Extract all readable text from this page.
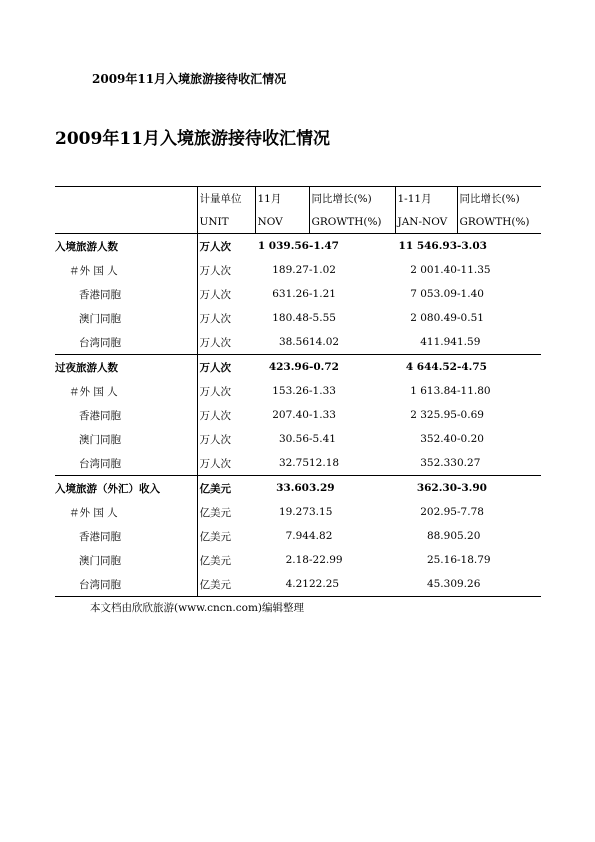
2009年11月入境旅游接待收汇情况
2009年11月入境旅游接待收汇情况
	计量单位	11月	同比增长(%)	1-11月	同比增长(%)
	UNIT	NOV	GROWTH(%)	JAN-NOV	GROWTH(%)
入境旅游人数	万人次	1 039.56	-1.47	11 546.93	-3.03
＃外 国 人	万人次	189.27	-1.02	2 001.40	-11.35
香港同胞	万人次	631.26	-1.21	7 053.09	-1.40
澳门同胞	万人次	180.48	-5.55	2 080.49	-0.51
台湾同胞	万人次	38.56	14.02	411.94	1.59
过夜旅游人数	万人次	423.96	-0.72	4 644.52	-4.75
＃外 国 人	万人次	153.26	-1.33	1 613.84	-11.80
香港同胞	万人次	207.40	-1.33	2 325.95	-0.69
澳门同胞	万人次	30.56	-5.41	352.40	-0.20
台湾同胞	万人次	32.75	12.18	352.33	0.27
入境旅游（外汇）收入	亿美元	33.60	3.29	362.30	-3.90
＃外 国 人	亿美元	19.27	3.15	202.95	-7.78
香港同胞	亿美元	7.94	4.82	88.90	5.20
澳门同胞	亿美元	2.18	-22.99	25.16	-18.79
台湾同胞	亿美元	4.21	22.25	45.30	9.26
本文档由欣欣旅游(www.cncn.com)编辑整理
